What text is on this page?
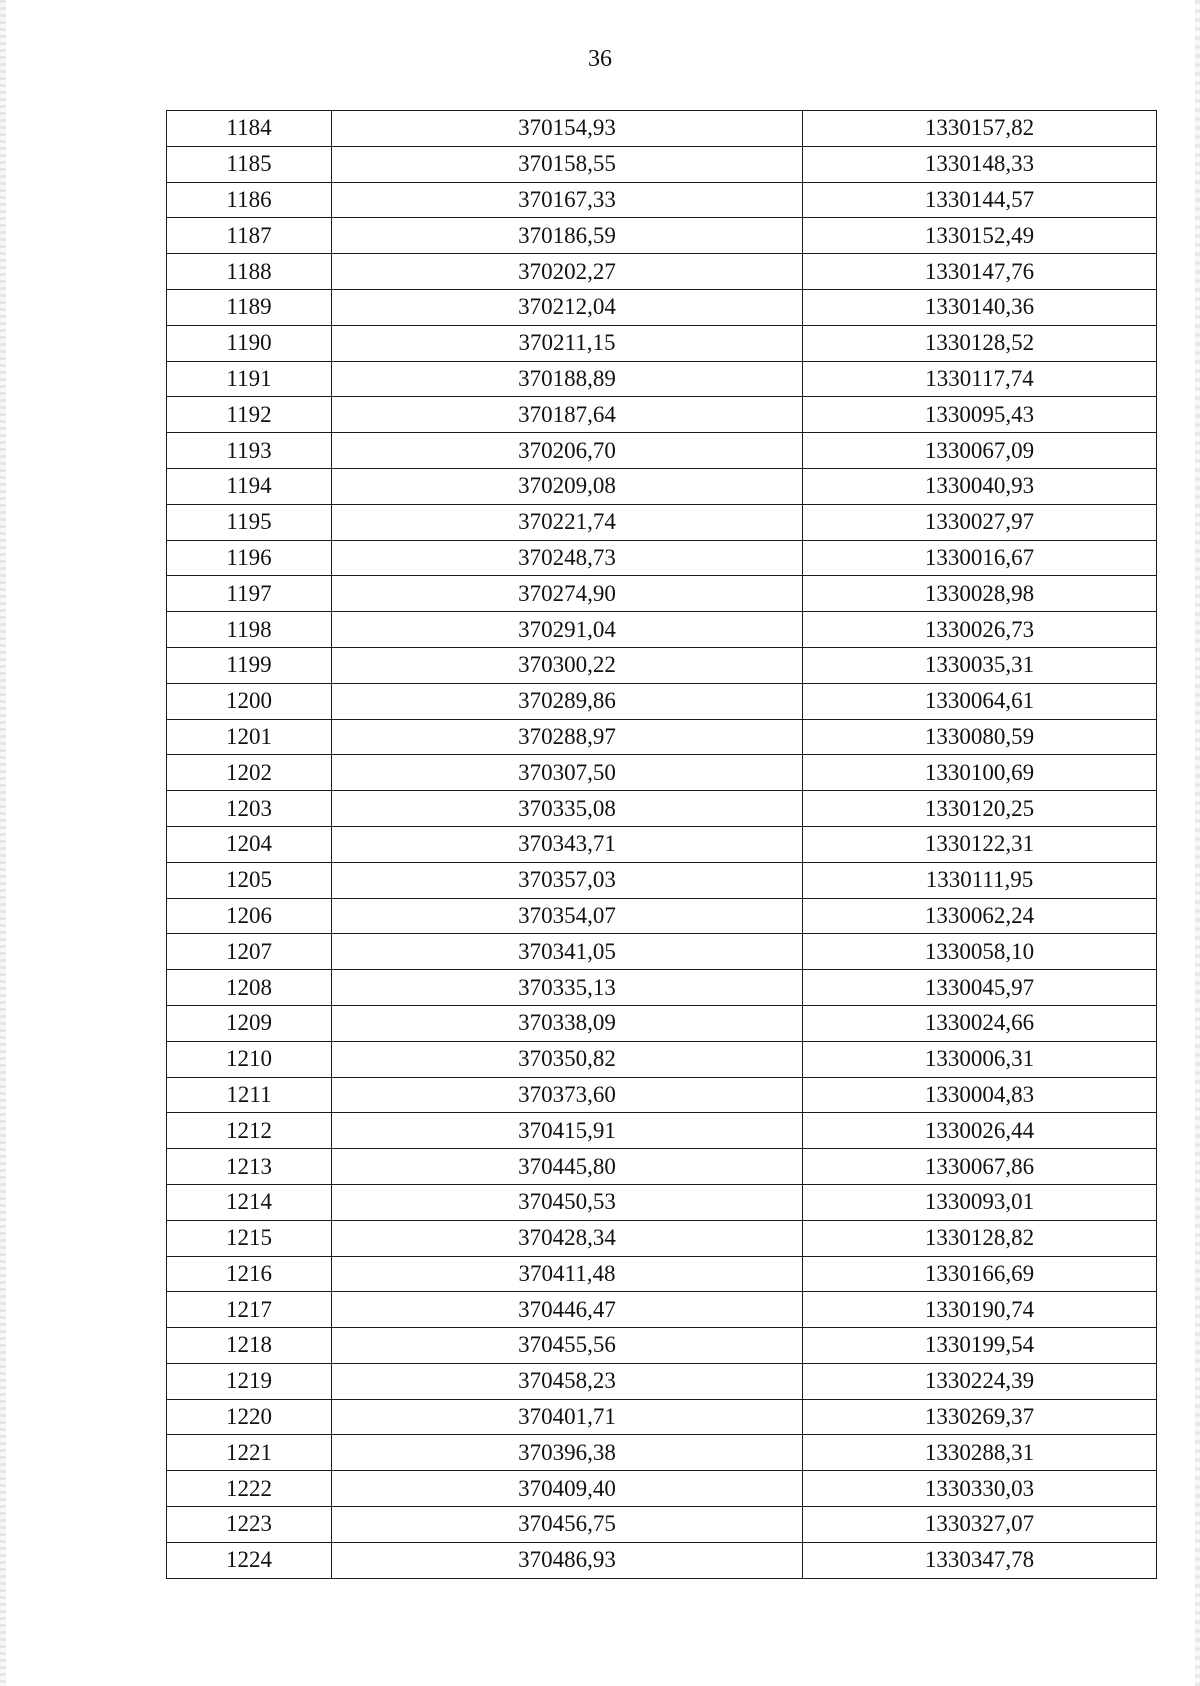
36
1184	370154,93	1330157,82
1185	370158,55	1330148,33
1186	370167,33	1330144,57
1187	370186,59	1330152,49
1188	370202,27	1330147,76
1189	370212,04	1330140,36
1190	370211,15	1330128,52
1191	370188,89	1330117,74
1192	370187,64	1330095,43
1193	370206,70	1330067,09
1194	370209,08	1330040,93
1195	370221,74	1330027,97
1196	370248,73	1330016,67
1197	370274,90	1330028,98
1198	370291,04	1330026,73
1199	370300,22	1330035,31
1200	370289,86	1330064,61
1201	370288,97	1330080,59
1202	370307,50	1330100,69
1203	370335,08	1330120,25
1204	370343,71	1330122,31
1205	370357,03	1330111,95
1206	370354,07	1330062,24
1207	370341,05	1330058,10
1208	370335,13	1330045,97
1209	370338,09	1330024,66
1210	370350,82	1330006,31
1211	370373,60	1330004,83
1212	370415,91	1330026,44
1213	370445,80	1330067,86
1214	370450,53	1330093,01
1215	370428,34	1330128,82
1216	370411,48	1330166,69
1217	370446,47	1330190,74
1218	370455,56	1330199,54
1219	370458,23	1330224,39
1220	370401,71	1330269,37
1221	370396,38	1330288,31
1222	370409,40	1330330,03
1223	370456,75	1330327,07
1224	370486,93	1330347,78
